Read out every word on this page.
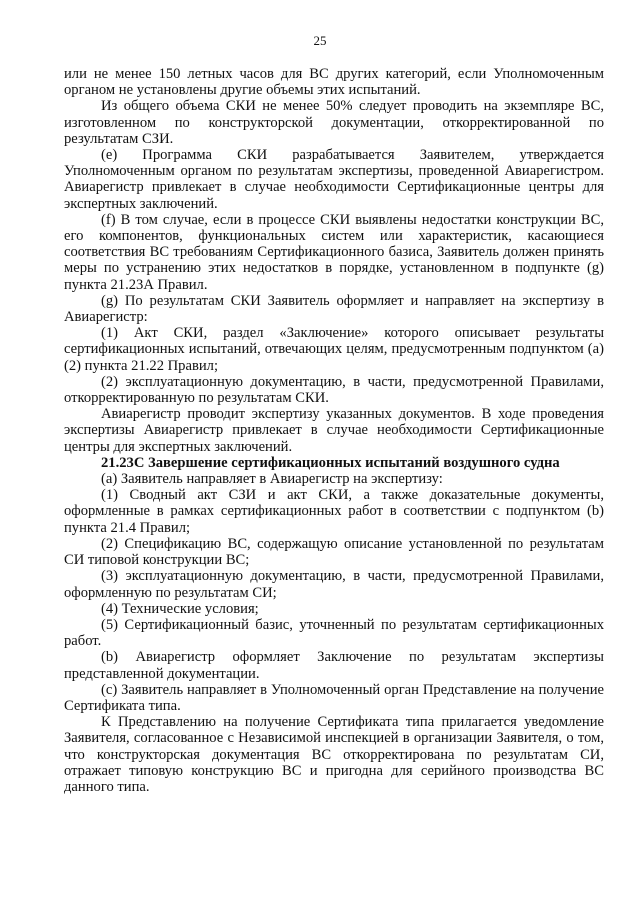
25

или не менее 150 летных часов для ВС других категорий, если Уполномоченным органом не установлены другие объемы этих испытаний.

Из общего объема СКИ не менее 50% следует проводить на экземпляре ВС, изготовленном по конструкторской документации, откорректированной по результатам СЗИ.

(e) Программа СКИ разрабатывается Заявителем, утверждается Уполномоченным органом по результатам экспертизы, проведенной Авиарегистром. Авиарегистр привлекает в случае необходимости Сертификационные центры для экспертных заключений.

(f) В том случае, если в процессе СКИ выявлены недостатки конструкции ВС, его компонентов, функциональных систем или характеристик, касающиеся соответствия ВС требованиям Сертификационного базиса, Заявитель должен принять меры по устранению этих недостатков в порядке, установленном в подпункте (g) пункта 21.23А Правил.

(g) По результатам СКИ Заявитель оформляет и направляет на экспертизу в Авиарегистр:

(1) Акт СКИ, раздел «Заключение» которого описывает результаты сертификационных испытаний, отвечающих целям, предусмотренным подпунктом (а)(2) пункта 21.22 Правил;

(2) эксплуатационную документацию, в части, предусмотренной Правилами, откорректированную по результатам СКИ.

Авиарегистр проводит экспертизу указанных документов. В ходе проведения экспертизы Авиарегистр привлекает в случае необходимости Сертификационные центры для экспертных заключений.

21.23С Завершение сертификационных испытаний воздушного судна

(a) Заявитель направляет в Авиарегистр на экспертизу:

(1) Сводный акт СЗИ и акт СКИ, а также доказательные документы, оформленные в рамках сертификационных работ в соответствии с подпунктом (b) пункта 21.4 Правил;

(2) Спецификацию ВС, содержащую описание установленной по результатам СИ типовой конструкции ВС;

(3) эксплуатационную документацию, в части, предусмотренной Правилами, оформленную по результатам СИ;

(4) Технические условия;

(5) Сертификационный базис, уточненный по результатам сертификационных работ.

(b) Авиарегистр оформляет Заключение по результатам экспертизы представленной документации.

(c) Заявитель направляет в Уполномоченный орган Представление на получение Сертификата типа.

К Представлению на получение Сертификата типа прилагается уведомление Заявителя, согласованное с Независимой инспекцией в организации Заявителя, о том, что конструкторская документация ВС откорректирована по результатам СИ, отражает типовую конструкцию ВС и пригодна для серийного производства ВС данного типа.
